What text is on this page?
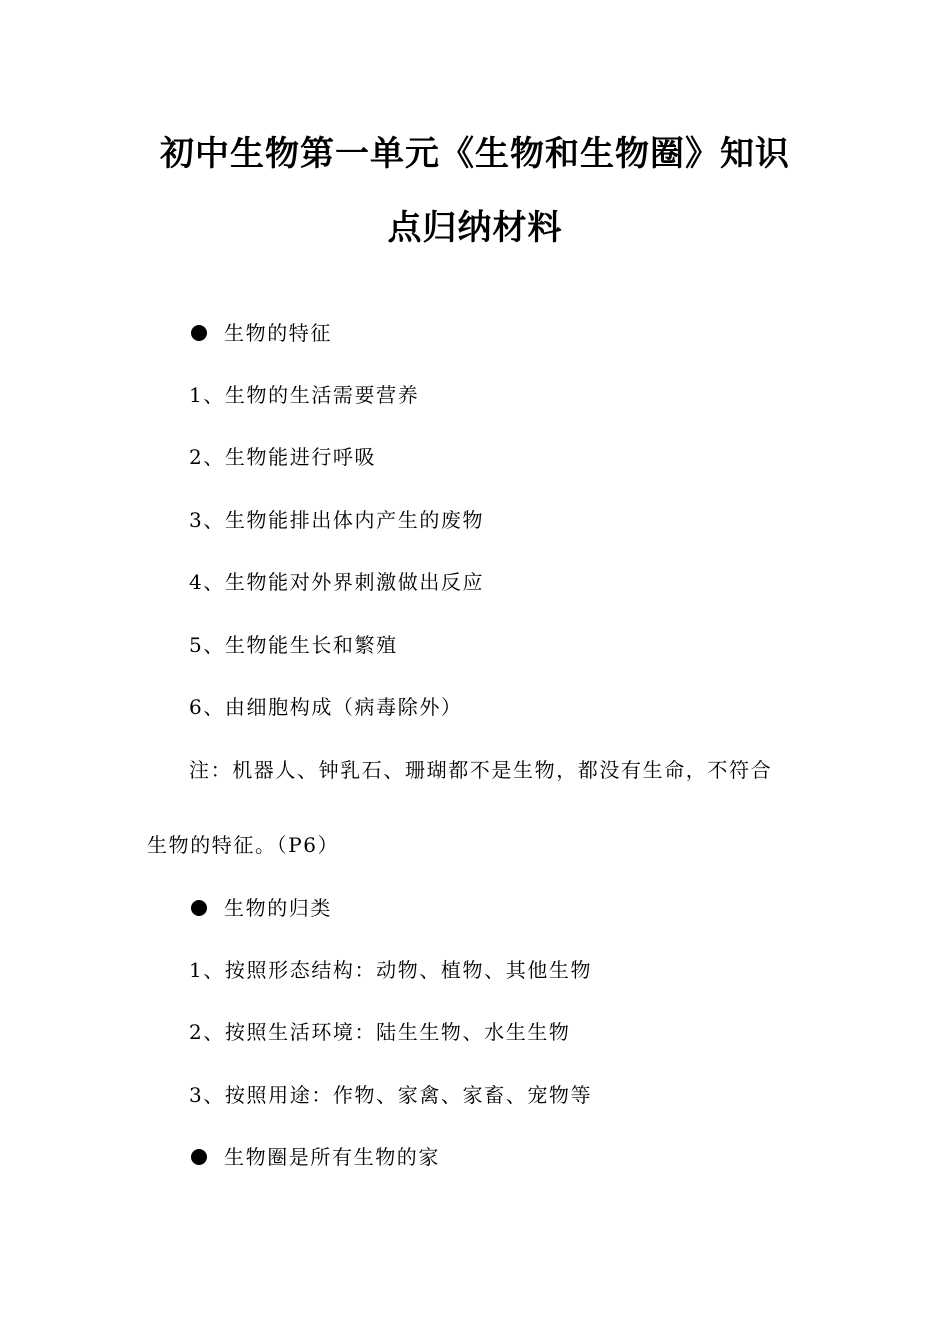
初中生物第一单元《生物和生物圈》知识
点归纳材料
生物的特征
1、生物的生活需要营养
2、生物能进行呼吸
3、生物能排出体内产生的废物
4、生物能对外界刺激做出反应
5、生物能生长和繁殖
6、由细胞构成（病毒除外）
注：机器人、钟乳石、珊瑚都不是生物，都没有生命，不符合
生物的特征。（P6）
生物的归类
1、按照形态结构：动物、植物、其他生物
2、按照生活环境：陆生生物、水生生物
3、按照用途：作物、家禽、家畜、宠物等
生物圈是所有生物的家
